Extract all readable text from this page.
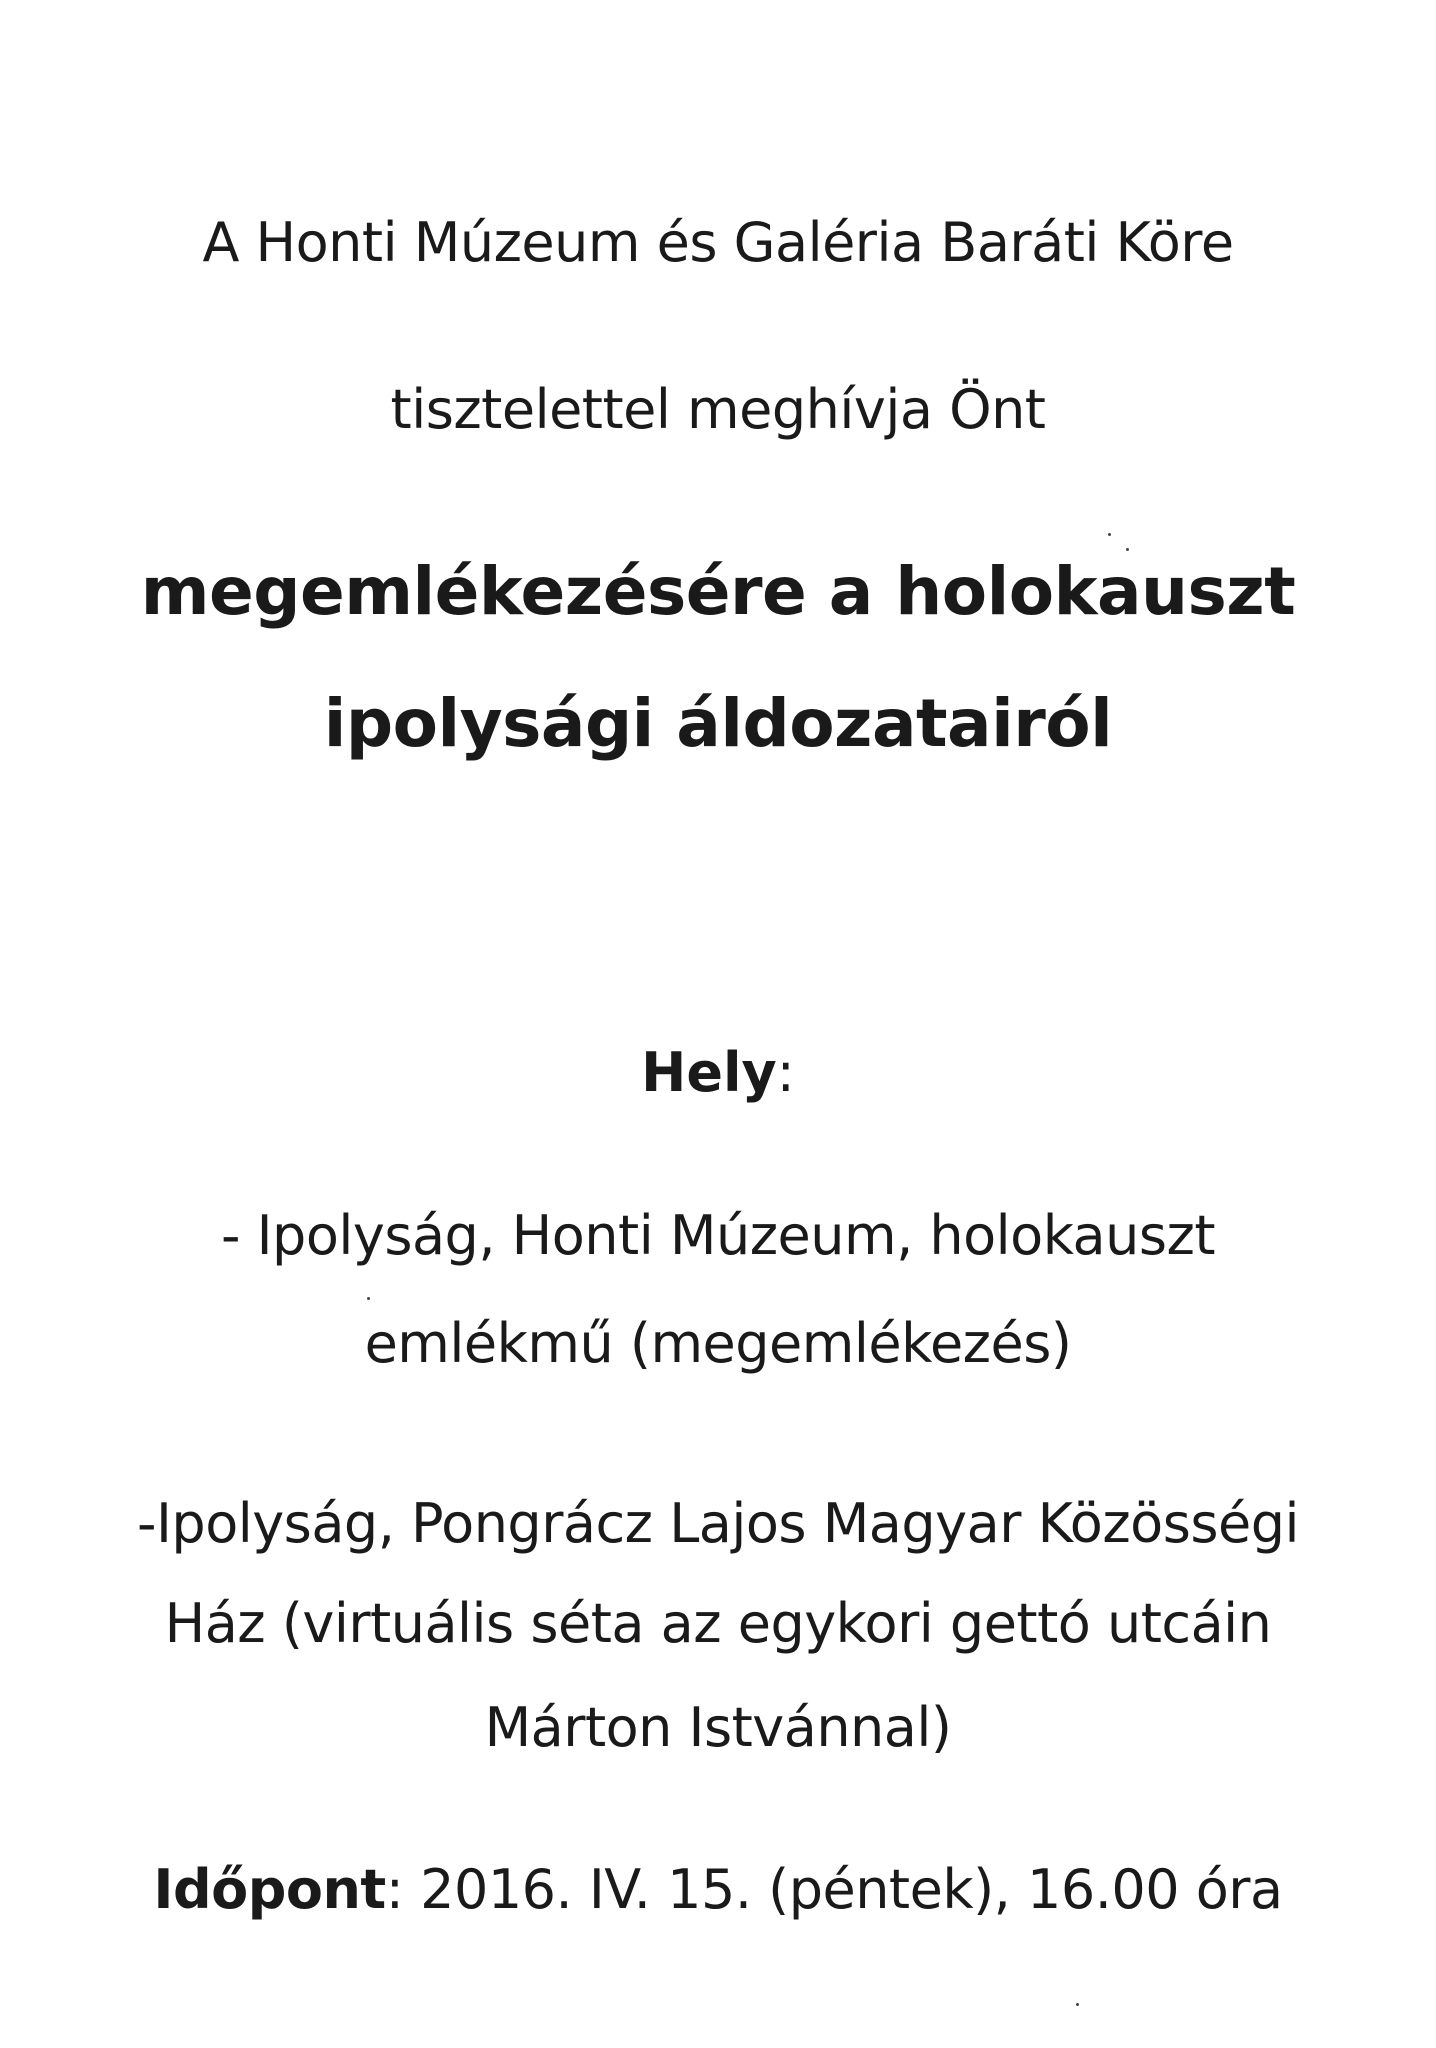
A Honti Múzeum és Galéria Baráti Köre
tisztelettel meghívja Önt
megemlékezésére a holokauszt
ipolysági áldozatairól
Hely:
- Ipolyság, Honti Múzeum, holokauszt
emlékmű (megemlékezés)
-Ipolyság, Pongrácz Lajos Magyar Közösségi
Ház (virtuális séta az egykori gettó utcáin
Márton Istvánnal)
Időpont: 2016. IV. 15. (péntek), 16.00 óra
